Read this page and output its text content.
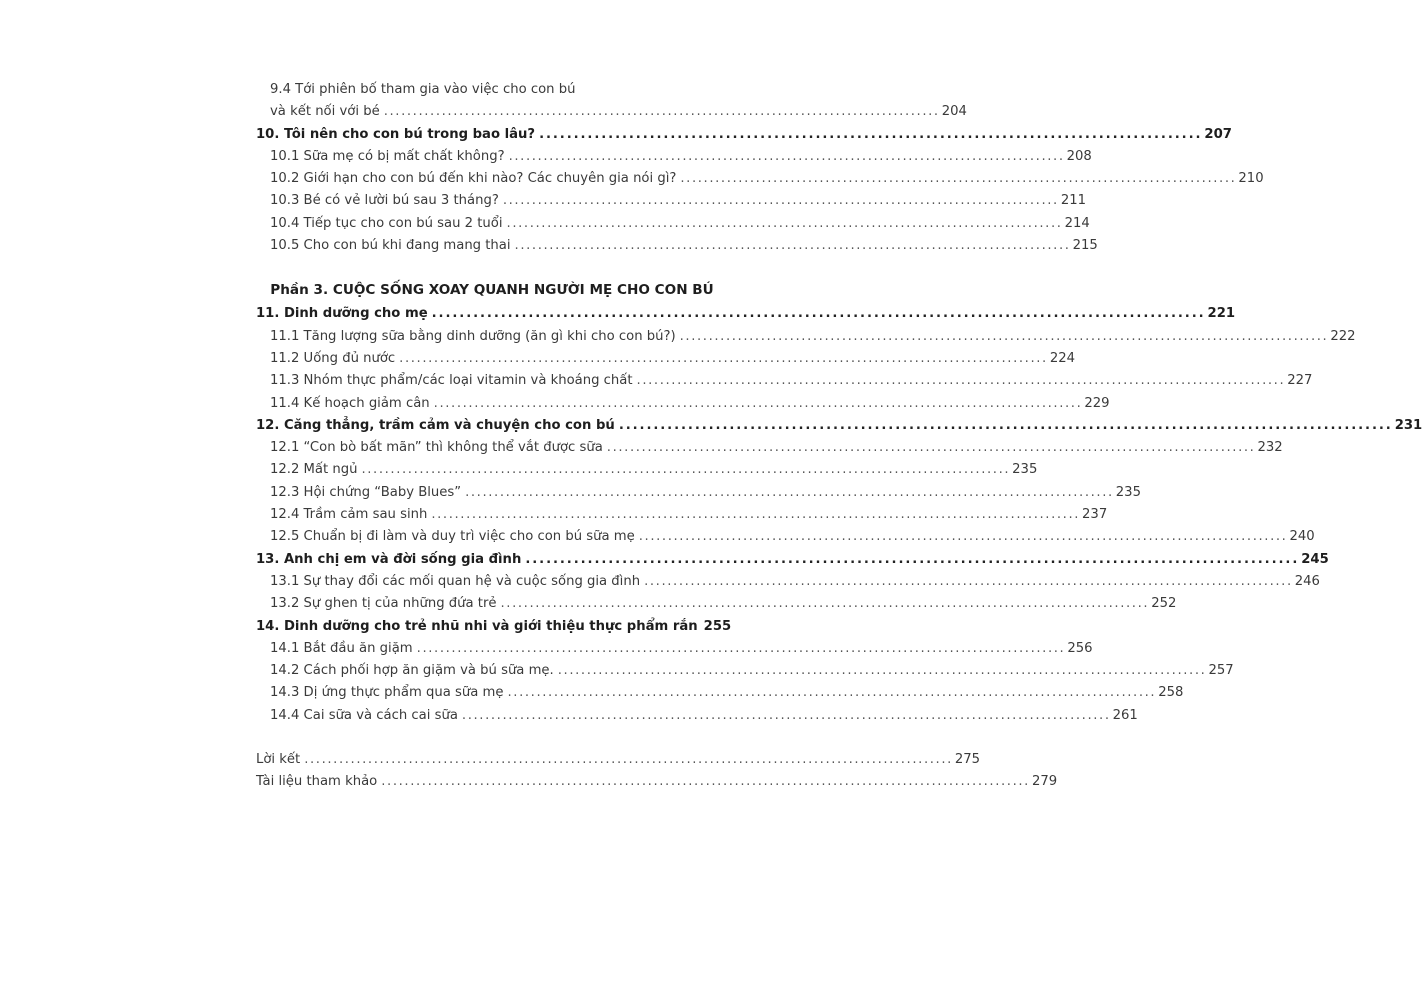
9.4 Tới phiên bố tham gia vào việc cho con bú
và kết nối với bé ................................................................................................ 204
10. Tôi nên cho con bú trong bao lâu? ................................................................................................ 207
10.1 Sữa mẹ có bị mất chất không? ................................................................................................ 208
10.2 Giới hạn cho con bú đến khi nào? Các chuyên gia nói gì? ................................................................................................ 210
10.3 Bé có vẻ lười bú sau 3 tháng? ................................................................................................ 211
10.4 Tiếp tục cho con bú sau 2 tuổi ................................................................................................ 214
10.5 Cho con bú khi đang mang thai ................................................................................................ 215
Phần 3. CUỘC SỐNG XOAY QUANH NGƯỜI MẸ CHO CON BÚ
11. Dinh dưỡng cho mẹ ................................................................................................................ 221
11.1 Tăng lượng sữa bằng dinh dưỡng (ăn gì khi cho con bú?) ................................................................................................................ 222
11.2 Uống đủ nước ................................................................................................................ 224
11.3 Nhóm thực phẩm/các loại vitamin và khoáng chất ................................................................................................................ 227
11.4 Kế hoạch giảm cân ................................................................................................................ 229
12. Căng thẳng, trầm cảm và chuyện cho con bú ................................................................................................................ 231
12.1 “Con bò bất mãn” thì không thể vắt được sữa ................................................................................................................ 232
12.2 Mất ngủ ................................................................................................................ 235
12.3 Hội chứng “Baby Blues” ................................................................................................................ 235
12.4 Trầm cảm sau sinh ................................................................................................................ 237
12.5 Chuẩn bị đi làm và duy trì việc cho con bú sữa mẹ ................................................................................................................ 240
13. Anh chị em và đời sống gia đình ................................................................................................................ 245
13.1 Sự thay đổi các mối quan hệ và cuộc sống gia đình ................................................................................................................ 246
13.2 Sự ghen tị của những đứa trẻ ................................................................................................................ 252
14. Dinh dưỡng cho trẻ nhũ nhi và giới thiệu thực phẩm rắn 255
14.1 Bắt đầu ăn giặm ................................................................................................................ 256
14.2 Cách phối hợp ăn giặm và bú sữa mẹ. ................................................................................................................ 257
14.3 Dị ứng thực phẩm qua sữa mẹ ................................................................................................................ 258
14.4 Cai sữa và cách cai sữa ................................................................................................................ 261
Lời kết ................................................................................................................ 275
Tài liệu tham khảo ................................................................................................................ 279
